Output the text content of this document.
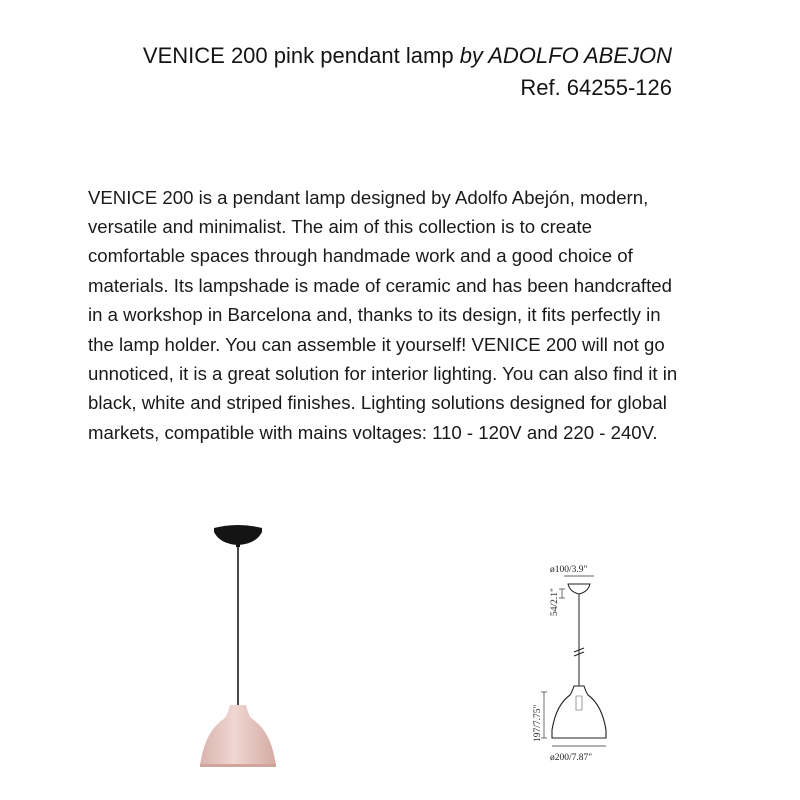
VENICE 200 pink pendant lamp by ADOLFO ABEJON
Ref. 64255-126

VENICE 200 is a pendant lamp designed by Adolfo Abejón, modern, versatile and minimalist. The aim of this collection is to create comfortable spaces through handmade work and a good choice of materials. Its lampshade is made of ceramic and has been handcrafted in a workshop in Barcelona and, thanks to its design, it fits perfectly in the lamp holder. You can assemble it yourself! VENICE 200 will not go unnoticed, it is a great solution for interior lighting. You can also find it in black, white and striped finishes. Lighting solutions designed for global markets, compatible with mains voltages: 110 - 120V and 220 - 240V.

ø100/3.9"
54/2.1"
197/7.75"
ø200/7.87"
